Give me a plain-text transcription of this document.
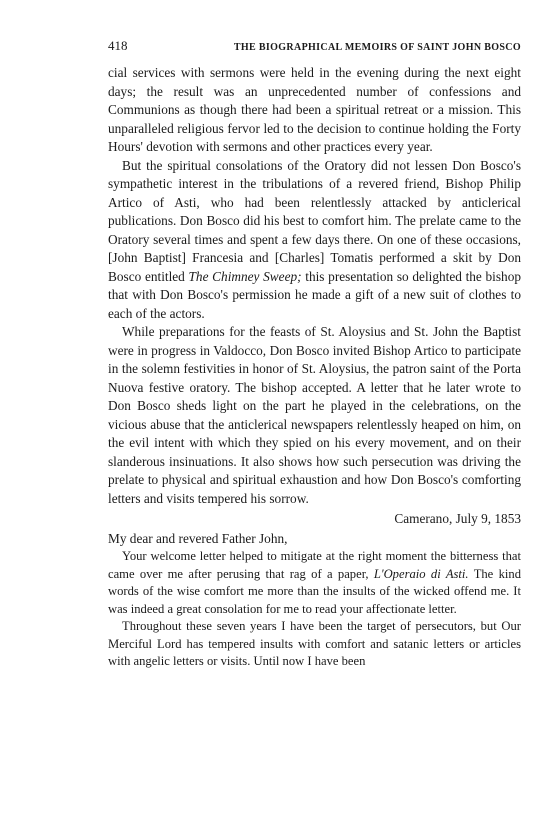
418	THE BIOGRAPHICAL MEMOIRS OF SAINT JOHN BOSCO

cial services with sermons were held in the evening during the next eight days; the result was an unprecedented number of confessions and Communions as though there had been a spiritual retreat or a mission. This unparalleled religious fervor led to the decision to continue holding the Forty Hours' devotion with sermons and other practices every year.

But the spiritual consolations of the Oratory did not lessen Don Bosco's sympathetic interest in the tribulations of a revered friend, Bishop Philip Artico of Asti, who had been relentlessly attacked by anticlerical publications. Don Bosco did his best to comfort him. The prelate came to the Oratory several times and spent a few days there. On one of these occasions, [John Baptist] Francesia and [Charles] Tomatis performed a skit by Don Bosco entitled The Chimney Sweep; this presentation so delighted the bishop that with Don Bosco's permission he made a gift of a new suit of clothes to each of the actors.

While preparations for the feasts of St. Aloysius and St. John the Baptist were in progress in Valdocco, Don Bosco invited Bishop Artico to participate in the solemn festivities in honor of St. Aloysius, the patron saint of the Porta Nuova festive oratory. The bishop accepted. A letter that he later wrote to Don Bosco sheds light on the part he played in the celebrations, on the vicious abuse that the anticlerical newspapers relentlessly heaped on him, on the evil intent with which they spied on his every movement, and on their slanderous insinuations. It also shows how such persecution was driving the prelate to physical and spiritual exhaustion and how Don Bosco's comforting letters and visits tempered his sorrow.

Camerano, July 9, 1853
My dear and revered Father John,

Your welcome letter helped to mitigate at the right moment the bitterness that came over me after perusing that rag of a paper, L'Operaio di Asti. The kind words of the wise comfort me more than the insults of the wicked offend me. It was indeed a great consolation for me to read your affectionate letter.

Throughout these seven years I have been the target of persecutors, but Our Merciful Lord has tempered insults with comfort and satanic letters or articles with angelic letters or visits. Until now I have been
